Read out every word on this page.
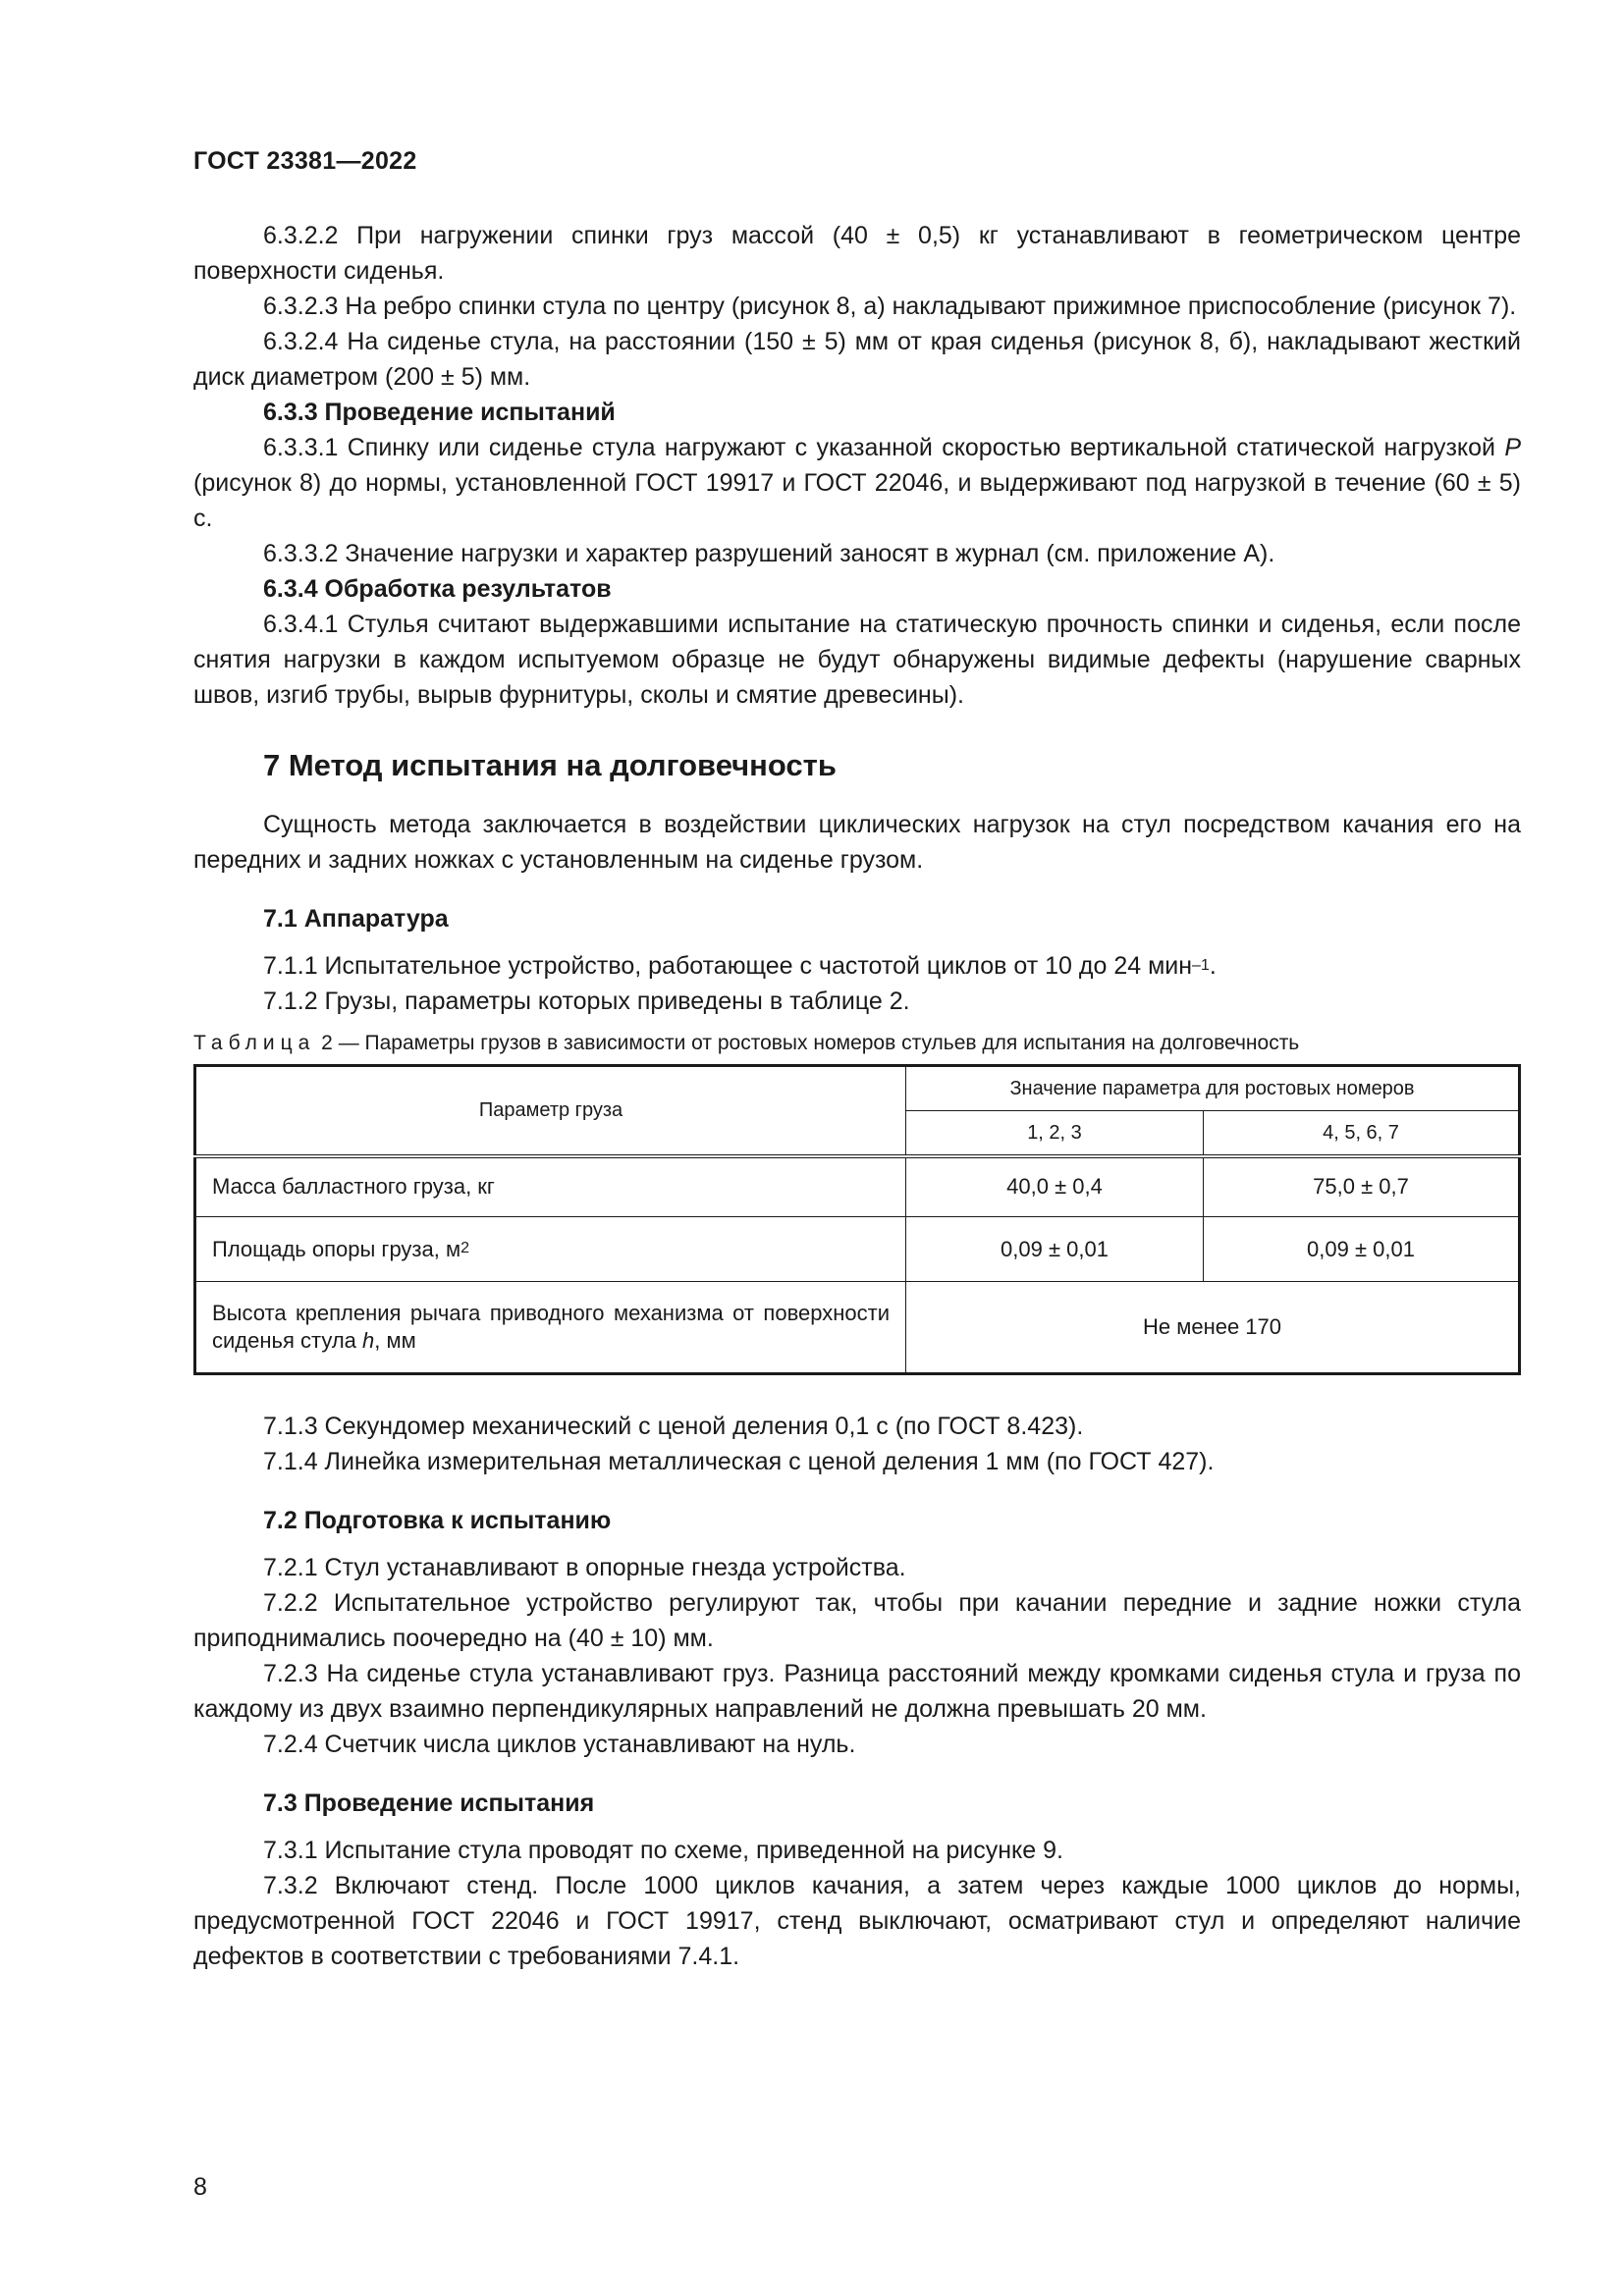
ГОСТ 23381—2022

6.3.2.2 При нагружении спинки груз массой (40 ± 0,5) кг устанавливают в геометрическом центре поверхности сиденья.

6.3.2.3 На ребро спинки стула по центру (рисунок 8, а) накладывают прижимное приспособление (рисунок 7).

6.3.2.4 На сиденье стула, на расстоянии (150 ± 5) мм от края сиденья (рисунок 8, б), накладывают жесткий диск диаметром (200 ± 5) мм.

6.3.3 Проведение испытаний

6.3.3.1 Спинку или сиденье стула нагружают с указанной скоростью вертикальной статической нагрузкой Р (рисунок 8) до нормы, установленной ГОСТ 19917 и ГОСТ 22046, и выдерживают под нагрузкой в течение (60 ± 5) с.

6.3.3.2 Значение нагрузки и характер разрушений заносят в журнал (см. приложение А).

6.3.4 Обработка результатов

6.3.4.1 Стулья считают выдержавшими испытание на статическую прочность спинки и сиденья, если после снятия нагрузки в каждом испытуемом образце не будут обнаружены видимые дефекты (нарушение сварных швов, изгиб трубы, вырыв фурнитуры, сколы и смятие древесины).

7 Метод испытания на долговечность

Сущность метода заключается в воздействии циклических нагрузок на стул посредством качания его на передних и задних ножках с установленным на сиденье грузом.

7.1 Аппаратура

7.1.1 Испытательное устройство, работающее с частотой циклов от 10 до 24 мин$^{-1}$.

7.1.2 Грузы, параметры которых приведены в таблице 2.

Таблица 2 — Параметры грузов в зависимости от ростовых номеров стульев для испытания на долговечность

Параметр груза	Значение параметра для ростовых номеров	
	1, 2, 3	4, 5, 6, 7
Масса балластного груза, кг	40,0 ± 0,4	75,0 ± 0,7
Площадь опоры груза, $м^2$	0,09 ± 0,01	0,09 ± 0,01
Высота крепления рычага приводного механизма от поверхности сиденья стула h, мм	Не менее 170	

7.1.3 Секундомер механический с ценой деления 0,1 с (по ГОСТ 8.423).

7.1.4 Линейка измерительная металлическая с ценой деления 1 мм (по ГОСТ 427).

7.2 Подготовка к испытанию

7.2.1 Стул устанавливают в опорные гнезда устройства.

7.2.2 Испытательное устройство регулируют так, чтобы при качании передние и задние ножки стула приподнимались поочередно на (40 ± 10) мм.

7.2.3 На сиденье стула устанавливают груз. Разница расстояний между кромками сиденья стула и груза по каждому из двух взаимно перпендикулярных направлений не должна превышать 20 мм.

7.2.4 Счетчик числа циклов устанавливают на нуль.

7.3 Проведение испытания

7.3.1 Испытание стула проводят по схеме, приведенной на рисунке 9.

7.3.2 Включают стенд. После 1000 циклов качания, а затем через каждые 1000 циклов до нормы, предусмотренной ГОСТ 22046 и ГОСТ 19917, стенд выключают, осматривают стул и определяют наличие дефектов в соответствии с требованиями 7.4.1.

8
